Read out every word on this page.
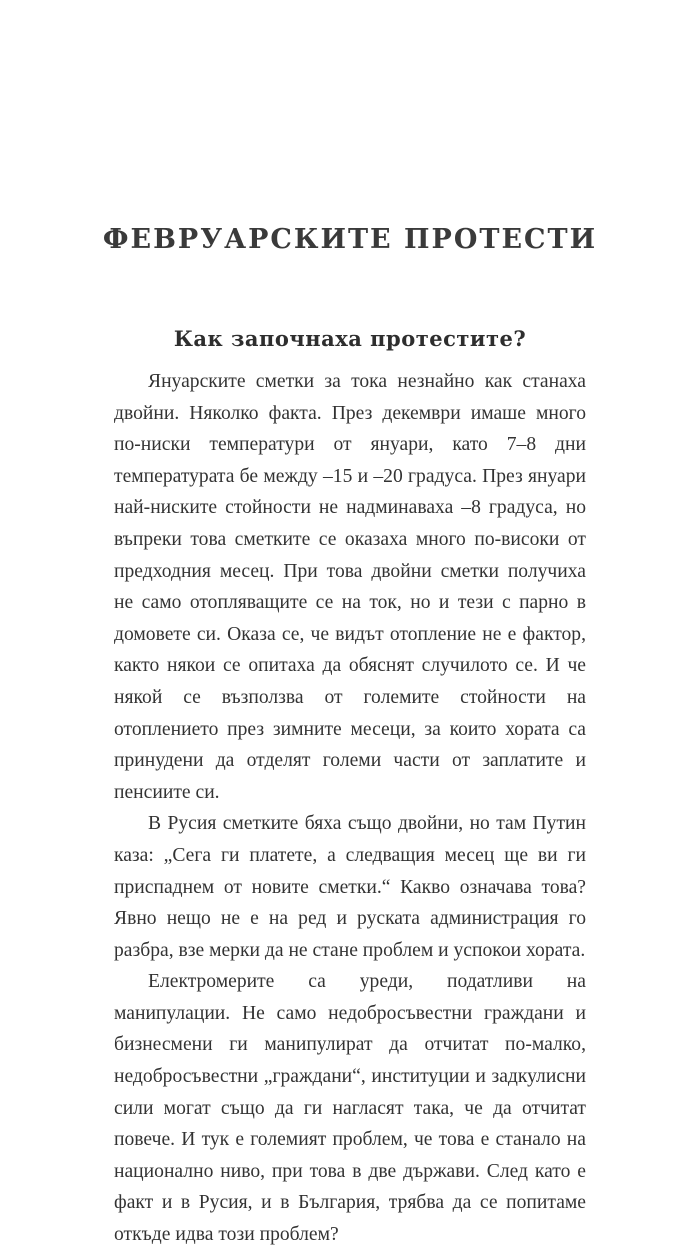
ФЕВРУАРСКИТЕ ПРОТЕСТИ
Как започнаха протестите?

Януарските сметки за тока незнайно как станаха двойни. Няколко факта. През декември имаше много по-ниски температури от януари, като 7–8 дни температурата бе между –15 и –20 градуса. През януари най-ниските стойности не надминаваха –8 градуса, но въпреки това сметките се оказаха много по-високи от предходния месец. При това двойни сметки получиха не само отопляващите се на ток, но и тези с парно в домовете си. Оказа се, че видът отопление не е фактор, както някои се опитаха да обяснят случилото се. И че някой се възползва от големите стойности на отоплението през зимните месеци, за които хората са принудени да отделят големи части от заплатите и пенсиите си.

В Русия сметките бяха също двойни, но там Путин каза: „Сега ги платете, а следващия месец ще ви ги приспаднем от новите сметки.“ Какво означава това? Явно нещо не е на ред и руската администрация го разбра, взе мерки да не стане проблем и успокои хората.

Електромерите са уреди, податливи на манипулации. Не само недобросъвестни граждани и бизнесмени ги манипулират да отчитат по-малко, недобросъвестни „граждани“, институции и задкулисни сили могат също да ги нагласят така, че да отчитат повече. И тук е големият проблем, че това е станало на национално ниво, при това в две държави. След като е факт и в Русия, и в България, трябва да се попитаме откъде идва този проблем?
